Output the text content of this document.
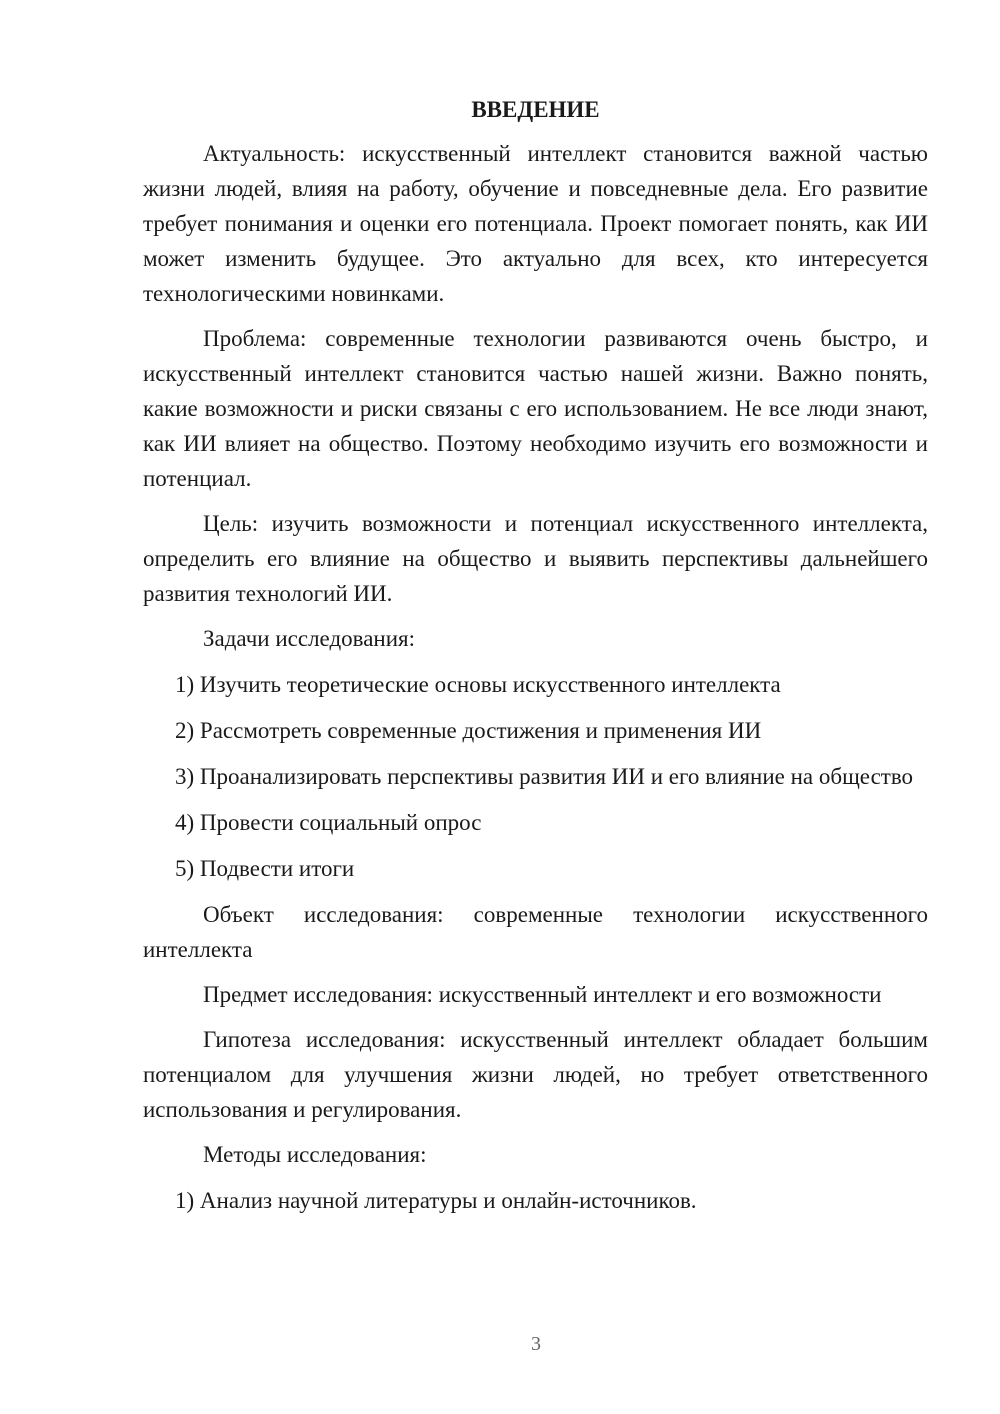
ВВЕДЕНИЕ

Актуальность: искусственный интеллект становится важной частью жизни людей, влияя на работу, обучение и повседневные дела. Его развитие требует понимания и оценки его потенциала. Проект помогает понять, как ИИ может изменить будущее. Это актуально для всех, кто интересуется технологическими новинками.

Проблема: современные технологии развиваются очень быстро, и искусственный интеллект становится частью нашей жизни. Важно понять, какие возможности и риски связаны с его использованием. Не все люди знают, как ИИ влияет на общество. Поэтому необходимо изучить его возможности и потенциал.

Цель: изучить возможности и потенциал искусственного интеллекта, определить его влияние на общество и выявить перспективы дальнейшего развития технологий ИИ.

Задачи исследования:

1) Изучить теоретические основы искусственного интеллекта

2) Рассмотреть современные достижения и применения ИИ

3) Проанализировать перспективы развития ИИ и его влияние на общество

4) Провести социальный опрос

5) Подвести итоги

Объект исследования: современные технологии искусственного интеллекта

Предмет исследования: искусственный интеллект и его возможности

Гипотеза исследования: искусственный интеллект обладает большим потенциалом для улучшения жизни людей, но требует ответственного использования и регулирования.

Методы исследования:

1) Анализ научной литературы и онлайн-источников.

3
